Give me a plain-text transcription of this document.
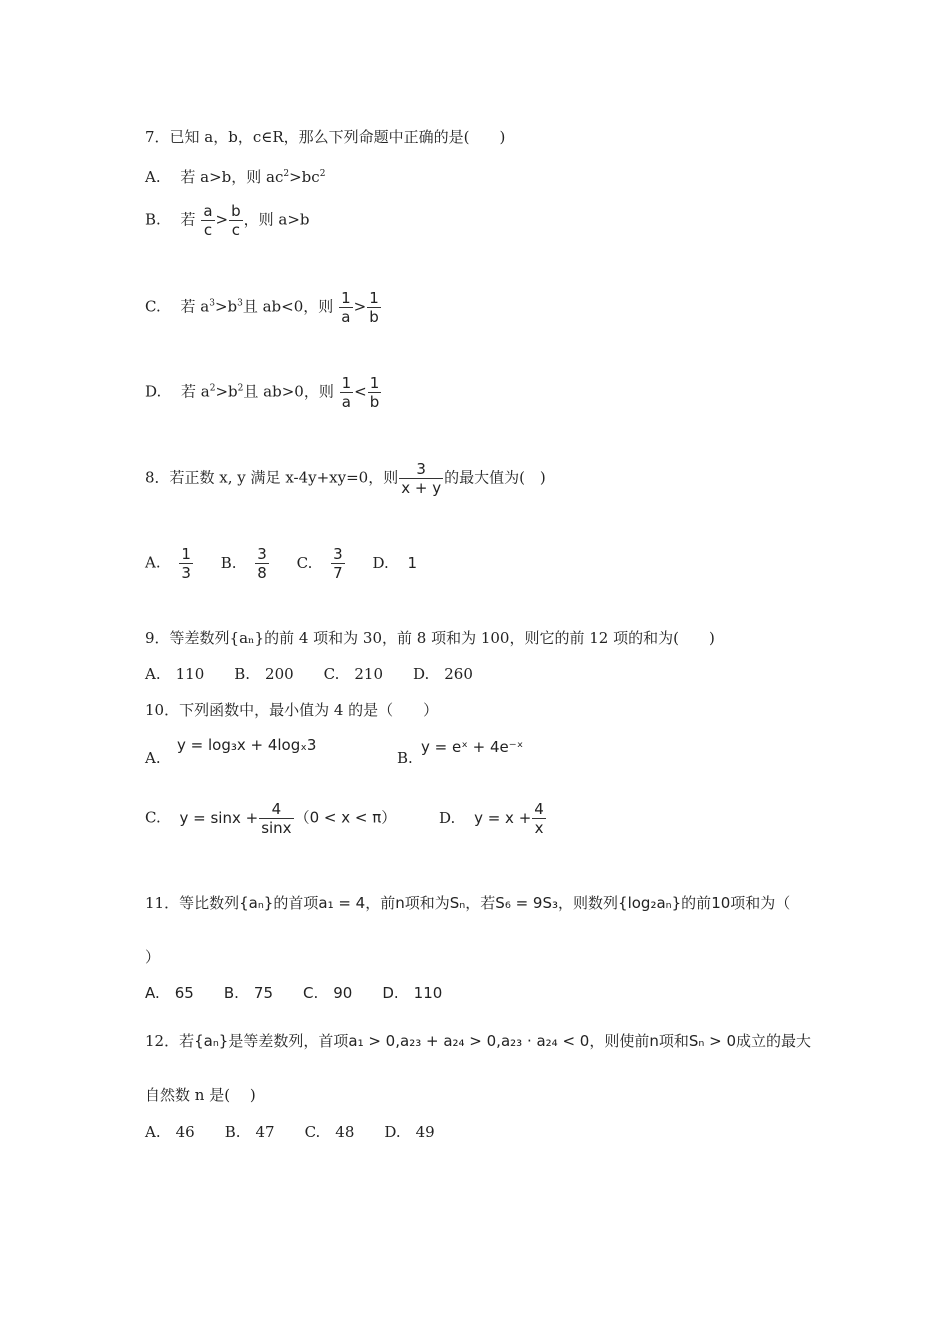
7．已知 a，b，c∈R，那么下列命题中正确的是(　　)
A.　 若 a>b，则 $ac^2>bc^2$
B.　 若 $\frac{a}{c} > \frac{b}{c}$ ，则 a>b
C.　 若 $a^3>b^3$且 ab<0，则 $\frac{1}{a} > \frac{1}{b}$
D.　 若 $a^2>b^2$且 ab>0，则 $\frac{1}{a} < \frac{1}{b}$
8．若正数 x, y 满足 x-4y+xy=0，则 $\frac{3}{x + y}$ 的最大值为(　)
A. $\frac{1}{3} B$. $\frac{3}{8} C$. $\frac{3}{7} D$. 1
9．等差数列{aₙ}的前 4 项和为 30，前 8 项和为 100，则它的前 12 项的和为(　　)
A.　110　　B.　200　　C.　210　　D.　260
10．下列函数中，最小值为 4 的是（　　）
A.
y = log₃x + 4logₓ3
B.
y = eˣ + 4e⁻ˣ
C. $y = \sin x + \frac{4}{\sin x} (0 < x < \pi)$	D. $y = x + \frac{4}{x}$
11．等比数列{aₙ}的首项a₁ = 4，前n项和为Sₙ，若S₆ = 9S₃，则数列{log₂aₙ}的前10项和为（
）
A.　65　　B.　75　　C.　90　　D.　110
12．若{aₙ}是等差数列，首项a₁ > 0,a₂₃ + a₂₄ > 0,a₂₃ · a₂₄ < 0，则使前n项和Sₙ > 0成立的最大
自然数 n 是(　 )
A.　46　　B.　47　　C.　48　　D.　49
